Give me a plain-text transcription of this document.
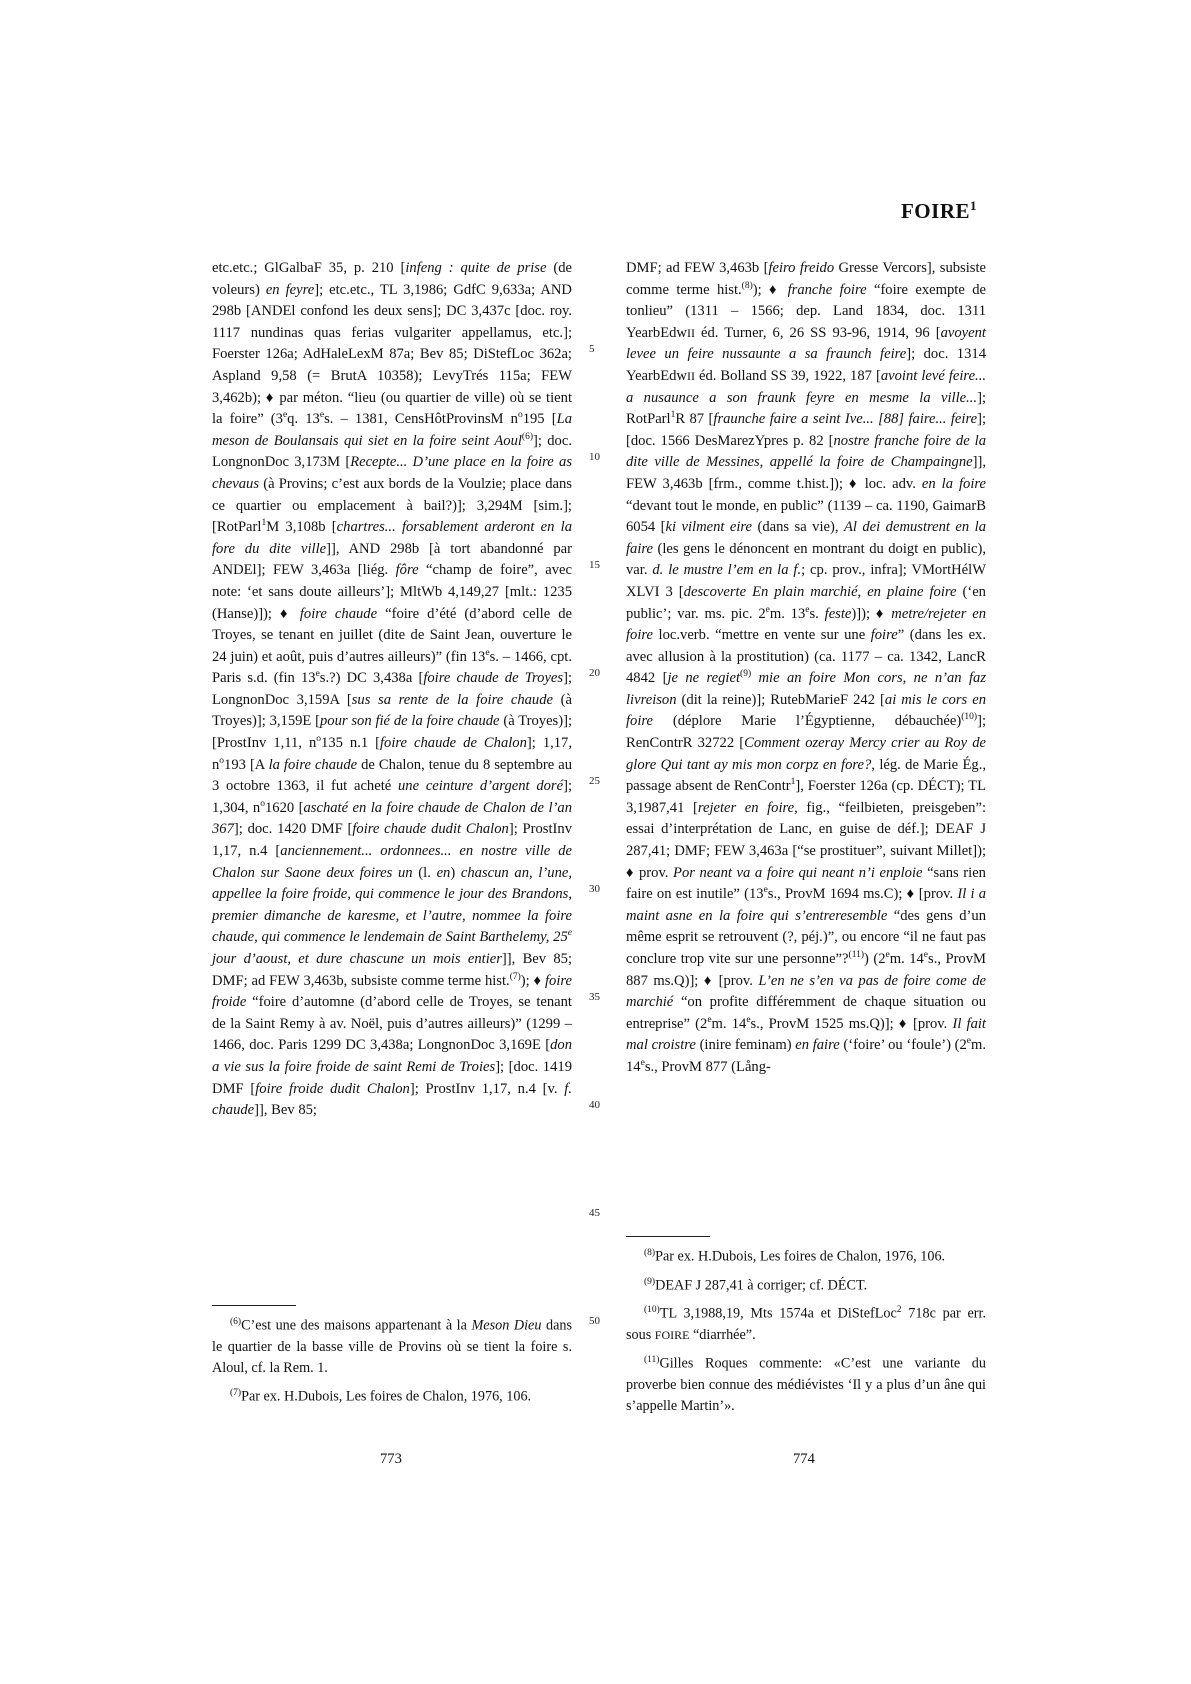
FOIRE$^1$

etc.etc.; GlGalbaF 35, p. 210 [infeng : quite de prise (de voleurs) en feyre]; etc.etc., TL 3,1986; GdfC 9,633a; AND 298b [ANDEl confond les deux sens]; DC 3,437c [doc. roy. 1117 nundinas quas ferias vulgariter appellamus, etc.]; Foerster 126a; AdHaleLexM 87a; Bev 85; DiStefLoc 362a; Aspland 9,58 (= BrutA 10358); LevyTrés 115a; FEW 3,462b); ♦ par méton. “lieu (ou quartier de ville) où se tient la foire” (3eq. 13es. – 1381, CensHôtProvinsM $n^o195$ [La meson de Boulansais qui siet en la foire seint Aoul$^{(6)}$]; doc. LongnonDoc 3,173M [Recepte... D’une place en la foire as chevaus (à Provins; c’est aux bords de la Voulzie; place dans ce quartier ou emplacement à bail?)]; 3,294M [sim.]; [RotParl$^1$M 3,108b [chartres... forsablement arderont en la fore du dite ville]], AND 298b [à tort abandonné par ANDEl]; FEW 3,463a [liég. fôre “champ de foire”, avec note: ‘et sans doute ailleurs’]; MltWb 4,149,27 [mlt.: 1235 (Hanse)]); ♦ foire chaude “foire d’été (d’abord celle de Troyes, se tenant en juillet (dite de Saint Jean, ouverture le 24 juin) et août, puis d’autres ailleurs)” (fin 13es. – 1466, cpt. Paris s.d. (fin 13es.?) DC 3,438a [foire chaude de Troyes]; LongnonDoc 3,159A [sus sa rente de la foire chaude (à Troyes)]; 3,159E [pour son fié de la foire chaude (à Troyes)]; [ProstInv 1,11, $n^o135$ n.1 [foire chaude de Chalon]; 1,17, $n^o193$ [A la foire chaude de Chalon, tenue du 8 septembre au 3 octobre 1363, il fut acheté une ceinture d’argent doré]; 1,304, $n^o1620$ [aschaté en la foire chaude de Chalon de l’an 367]; doc. 1420 DMF [foire chaude dudit Chalon]; ProstInv 1,17, n.4 [anciennement... ordonnees... en nostre ville de Chalon sur Saone deux foires un (l. en) chascun an, l’une, appellee la foire froide, qui commence le jour des Brandons, premier dimanche de karesme, et l’autre, nommee la foire chaude, qui commence le lendemain de Saint Barthelemy, 25e jour d’aoust, et dure chascune un mois entier]], Bev 85; DMF; ad FEW 3,463b, subsiste comme terme hist.$^{(7)}$); ♦ foire froide “foire d’automne (d’abord celle de Troyes, se tenant de la Saint Remy à av. Noël, puis d’autres ailleurs)” (1299 – 1466, doc. Paris 1299 DC 3,438a; LongnonDoc 3,169E [don a vie sus la foire froide de saint Remi de Troies]; [doc. 1419 DMF [foire froide dudit Chalon]; ProstInv 1,17, n.4 [v. f. chaude]], Bev 85;

DMF; ad FEW 3,463b [feiro freido Gresse Vercors], subsiste comme terme hist.$^{(8)}$); ♦ franche foire “foire exempte de tonlieu” (1311 – 1566; dep. Land 1834, doc. 1311 YearbEdwII éd. Turner, 6, 26 SS 93-96, 1914, 96 [avoyent levee un feire nussaunte a sa fraunch feire]; doc. 1314 YearbEdwII éd. Bolland SS 39, 1922, 187 [avoint levé feire... a nusaunce a son fraunk feyre en mesme la ville...]; RotParl$^1$R 87 [fraunche faire a seint Ive... [88] faire... feire]; [doc. 1566 DesMarezYpres p. 82 [nostre franche foire de la dite ville de Messines, appellé la foire de Champaingne]], FEW 3,463b [frm., comme t.hist.]); ♦ loc. adv. en la foire “devant tout le monde, en public” (1139 – ca. 1190, GaimarB 6054 [ki vilment eire (dans sa vie), Al dei demustrent en la faire (les gens le dénoncent en montrant du doigt en public), var. d. le mustre l’em en la f.; cp. prov., infra]; VMortHélW XLVI 3 [descoverte En plain marchié, en plaine foire (‘en public’; var. ms. pic. 2em. 13es. feste)]); ♦ metre/rejeter en foire loc.verb. “mettre en vente sur une foire” (dans les ex. avec allusion à la prostitution) (ca. 1177 – ca. 1342, LancR 4842 [je ne regiet$^{(9)}$ mie an foire Mon cors, ne n’an faz livreison (dit la reine)]; RutebMarieF 242 [ai mis le cors en foire (déplore Marie l’Égyptienne, débauchée)$^{(10)}$]; RenContrR 32722 [Comment ozeray Mercy crier au Roy de glore Qui tant ay mis mon corpz en fore?, lég. de Marie Ég., passage absent de RenContr$^1$], Foerster 126a (cp. DÉCT); TL 3,1987,41 [rejeter en foire, fig., “feilbieten, preisgeben”: essai d’interprétation de Lanc, en guise de déf.]; DEAF J 287,41; DMF; FEW 3,463a [“se prostituer”, suivant Millet]); ♦ prov. Por neant va a foire qui neant n’i enploie “sans rien faire on est inutile” (13es., ProvM 1694 ms.C); ♦ [prov. Il i a maint asne en la foire qui s’entreresemble “des gens d’un même esprit se retrouvent (?, péj.)”, ou encore “il ne faut pas conclure trop vite sur une personne”?$^{(11)}$) (2em. 14es., ProvM 887 ms.Q)]; ♦ [prov. L’en ne s’en va pas de foire come de marchié “on profite différemment de chaque situation ou entreprise” (2em. 14es., ProvM 1525 ms.Q)]; ♦ [prov. Il fait mal croistre (inire feminam) en faire (‘foire’ ou ‘foule’) (2em. 14es., ProvM 877 (Lång-

5
10
15
20
25
30
35
40
45
50

$^{(6)}$C’est une des maisons appartenant à la Meson Dieu dans le quartier de la basse ville de Provins où se tient la foire s. Aloul, cf. la Rem. 1.

$^{(7)}$Par ex. H.Dubois, Les foires de Chalon, 1976, 106.

$^{(8)}$Par ex. H.Dubois, Les foires de Chalon, 1976, 106.

$^{(9)}$DEAF J 287,41 à corriger; cf. DÉCT.

$^{(10)}$TL 3,1988,19, Mts 1574a et DiStefLoc$^2$ 718c par err. sous FOIRE “diarrhée”.

$^{(11)}$Gilles Roques commente: «C’est une variante du proverbe bien connue des médiévistes ‘Il y a plus d’un âne qui s’appelle Martin’».

773	774
